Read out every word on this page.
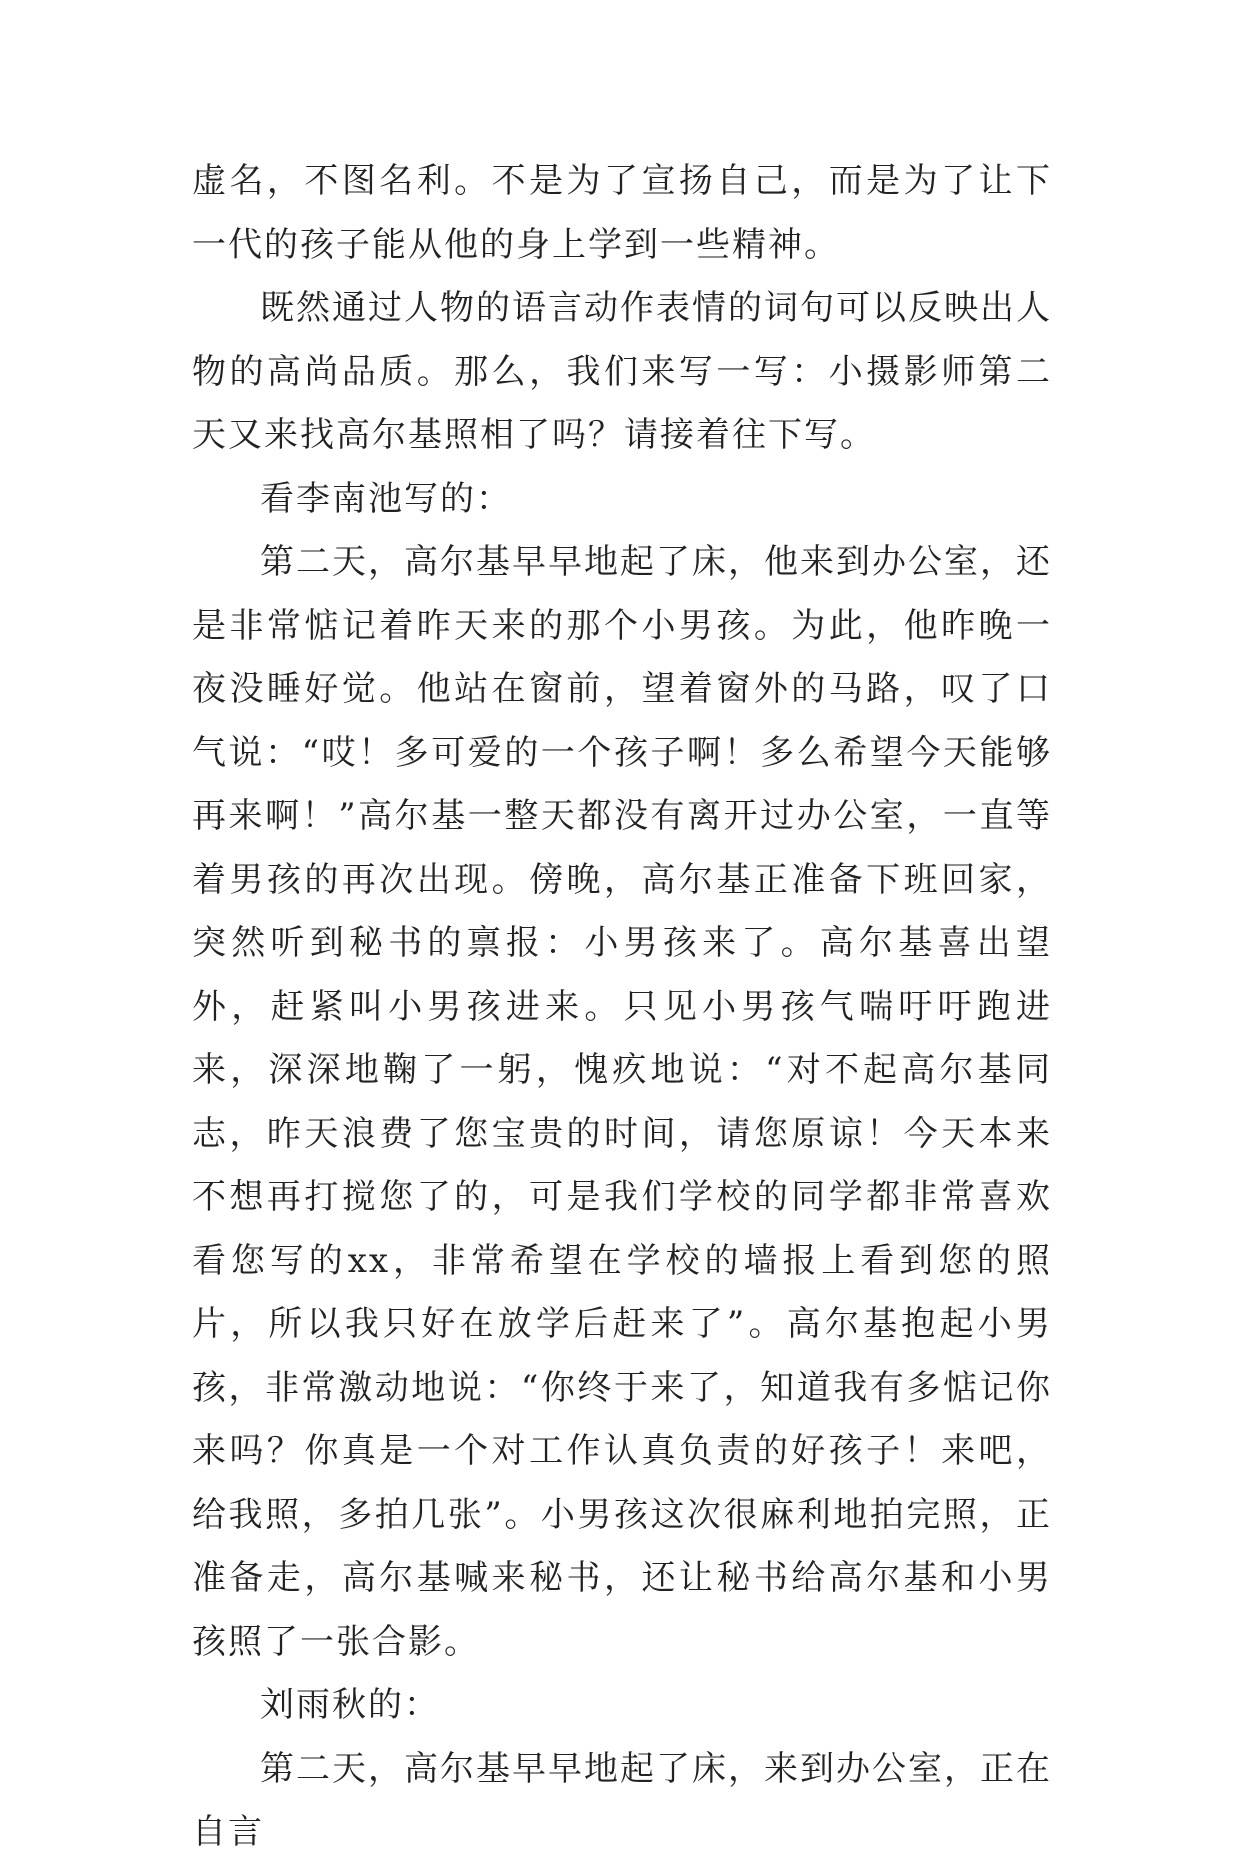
虚名，不图名利。不是为了宣扬自己，而是为了让下一代的孩子能从他的身上学到一些精神。

既然通过人物的语言动作表情的词句可以反映出人物的高尚品质。那么，我们来写一写：小摄影师第二天又来找高尔基照相了吗？请接着往下写。

看李南池写的：

第二天，高尔基早早地起了床，他来到办公室，还是非常惦记着昨天来的那个小男孩。为此，他昨晚一夜没睡好觉。他站在窗前，望着窗外的马路，叹了口气说：“哎！多可爱的一个孩子啊！多么希望今天能够再来啊！”高尔基一整天都没有离开过办公室，一直等着男孩的再次出现。傍晚，高尔基正准备下班回家，突然听到秘书的禀报：小男孩来了。高尔基喜出望外，赶紧叫小男孩进来。只见小男孩气喘吁吁跑进来，深深地鞠了一躬，愧疚地说：“对不起高尔基同志，昨天浪费了您宝贵的时间，请您原谅！今天本来不想再打搅您了的，可是我们学校的同学都非常喜欢看您写的xx，非常希望在学校的墙报上看到您的照片，所以我只好在放学后赶来了”。高尔基抱起小男孩，非常激动地说：“你终于来了，知道我有多惦记你来吗？你真是一个对工作认真负责的好孩子！来吧，给我照，多拍几张”。小男孩这次很麻利地拍完照，正准备走，高尔基喊来秘书，还让秘书给高尔基和小男孩照了一张合影。

刘雨秋的：

第二天，高尔基早早地起了床，来到办公室，正在自言
